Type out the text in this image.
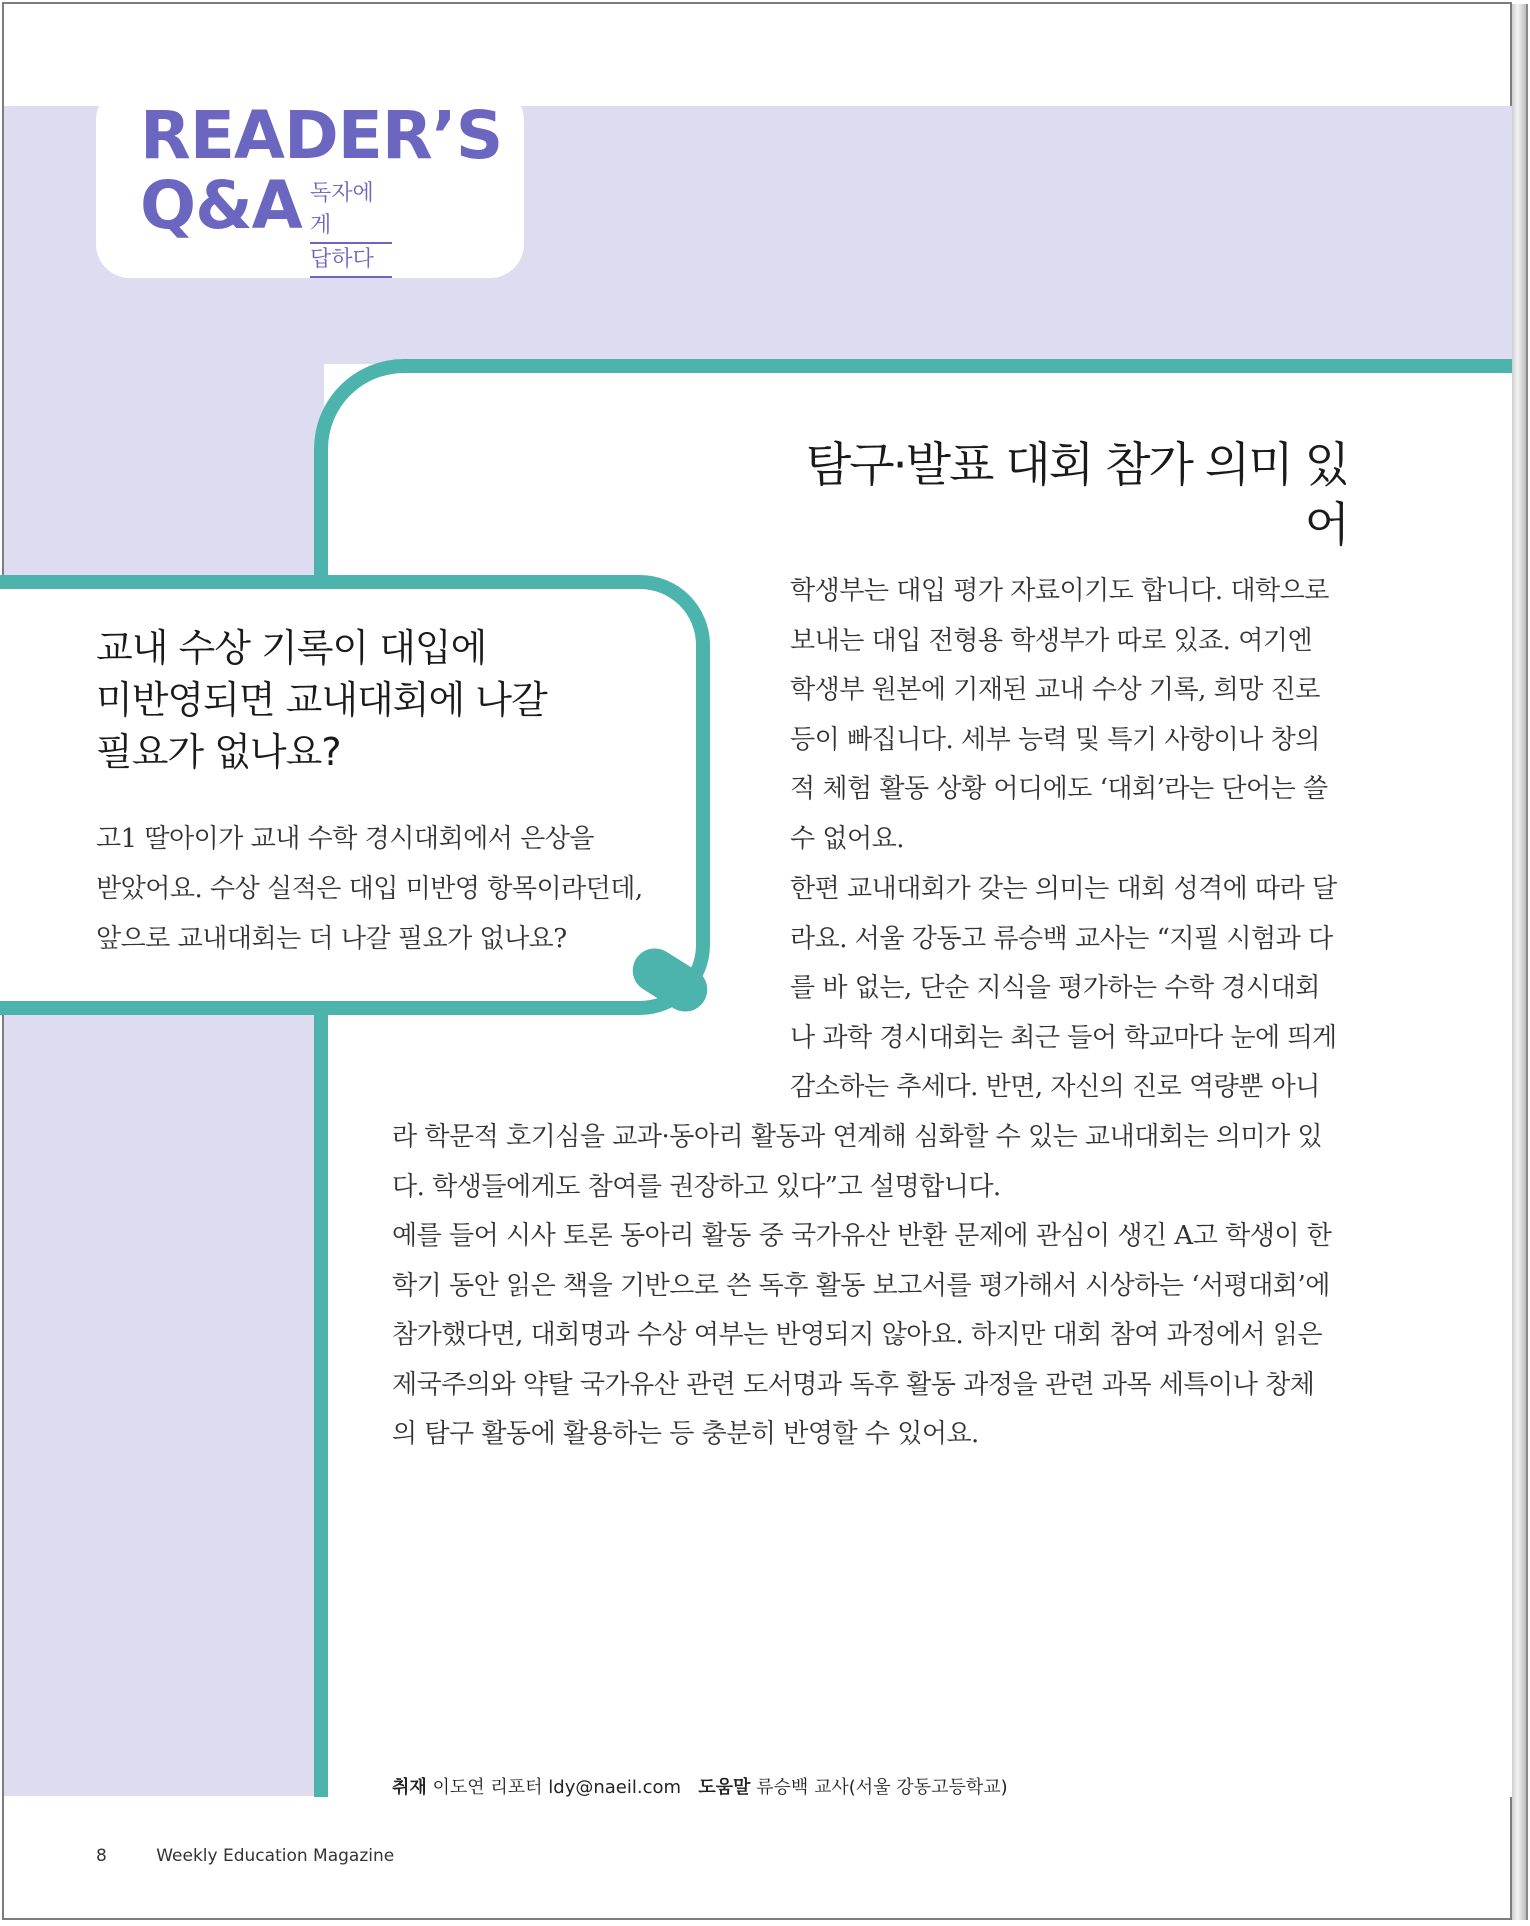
READER’S
Q&A 독자에게
답하다
교내 수상 기록이 대입에
미반영되면 교내대회에 나갈
필요가 없나요?
고1 딸아이가 교내 수학 경시대회에서 은상을
받았어요. 수상 실적은 대입 미반영 항목이라던데,
앞으로 교내대회는 더 나갈 필요가 없나요?
탐구·발표 대회 참가 의미 있어
학생부는 대입 평가 자료이기도 합니다. 대학으로
보내는 대입 전형용 학생부가 따로 있죠. 여기엔
학생부 원본에 기재된 교내 수상 기록, 희망 진로
등이 빠집니다. 세부 능력 및 특기 사항이나 창의
적 체험 활동 상황 어디에도 ‘대회’라는 단어는 쓸
수 없어요.
한편 교내대회가 갖는 의미는 대회 성격에 따라 달
라요. 서울 강동고 류승백 교사는 “지필 시험과 다
를 바 없는, 단순 지식을 평가하는 수학 경시대회
나 과학 경시대회는 최근 들어 학교마다 눈에 띄게
감소하는 추세다. 반면, 자신의 진로 역량뿐 아니
라 학문적 호기심을 교과·동아리 활동과 연계해 심화할 수 있는 교내대회는 의미가 있
다. 학생들에게도 참여를 권장하고 있다”고 설명합니다.
예를 들어 시사 토론 동아리 활동 중 국가유산 반환 문제에 관심이 생긴 A고 학생이 한
학기 동안 읽은 책을 기반으로 쓴 독후 활동 보고서를 평가해서 시상하는 ‘서평대회’에
참가했다면, 대회명과 수상 여부는 반영되지 않아요. 하지만 대회 참여 과정에서 읽은
제국주의와 약탈 국가유산 관련 도서명과 독후 활동 과정을 관련 과목 세특이나 창체
의 탐구 활동에 활용하는 등 충분히 반영할 수 있어요.
취재 이도연 리포터 ldy@naeil.com 도움말 류승백 교사(서울 강동고등학교)
8	Weekly Education Magazine
